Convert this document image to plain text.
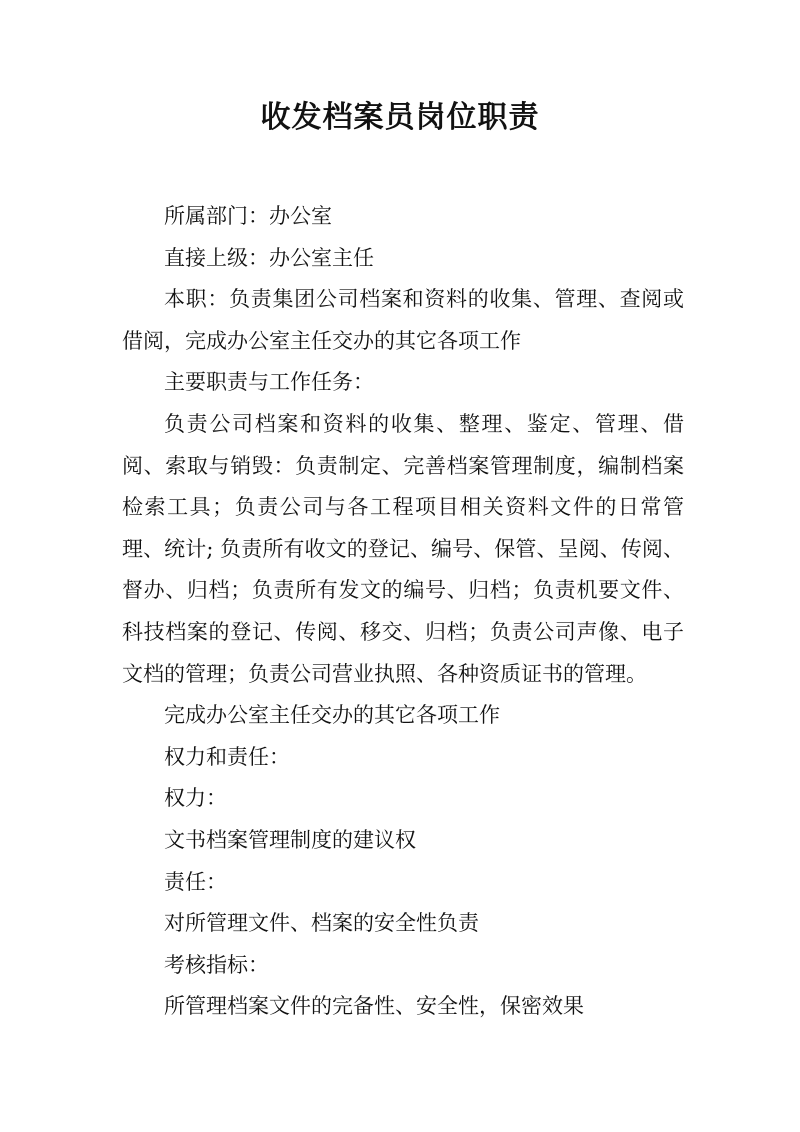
收发档案员岗位职责

所属部门：办公室

直接上级：办公室主任

本职：负责集团公司档案和资料的收集、管理、查阅或借阅，完成办公室主任交办的其它各项工作

主要职责与工作任务：

负责公司档案和资料的收集、整理、鉴定、管理、借阅、索取与销毁：负责制定、完善档案管理制度，编制档案检索工具；负责公司与各工程项目相关资料文件的日常管理、统计; 负责所有收文的登记、编号、保管、呈阅、传阅、督办、归档；负责所有发文的编号、归档；负责机要文件、科技档案的登记、传阅、移交、归档；负责公司声像、电子文档的管理；负责公司营业执照、各种资质证书的管理。

完成办公室主任交办的其它各项工作

权力和责任：

权力：

文书档案管理制度的建议权

责任：

对所管理文件、档案的安全性负责

考核指标：

所管理档案文件的完备性、安全性，保密效果
